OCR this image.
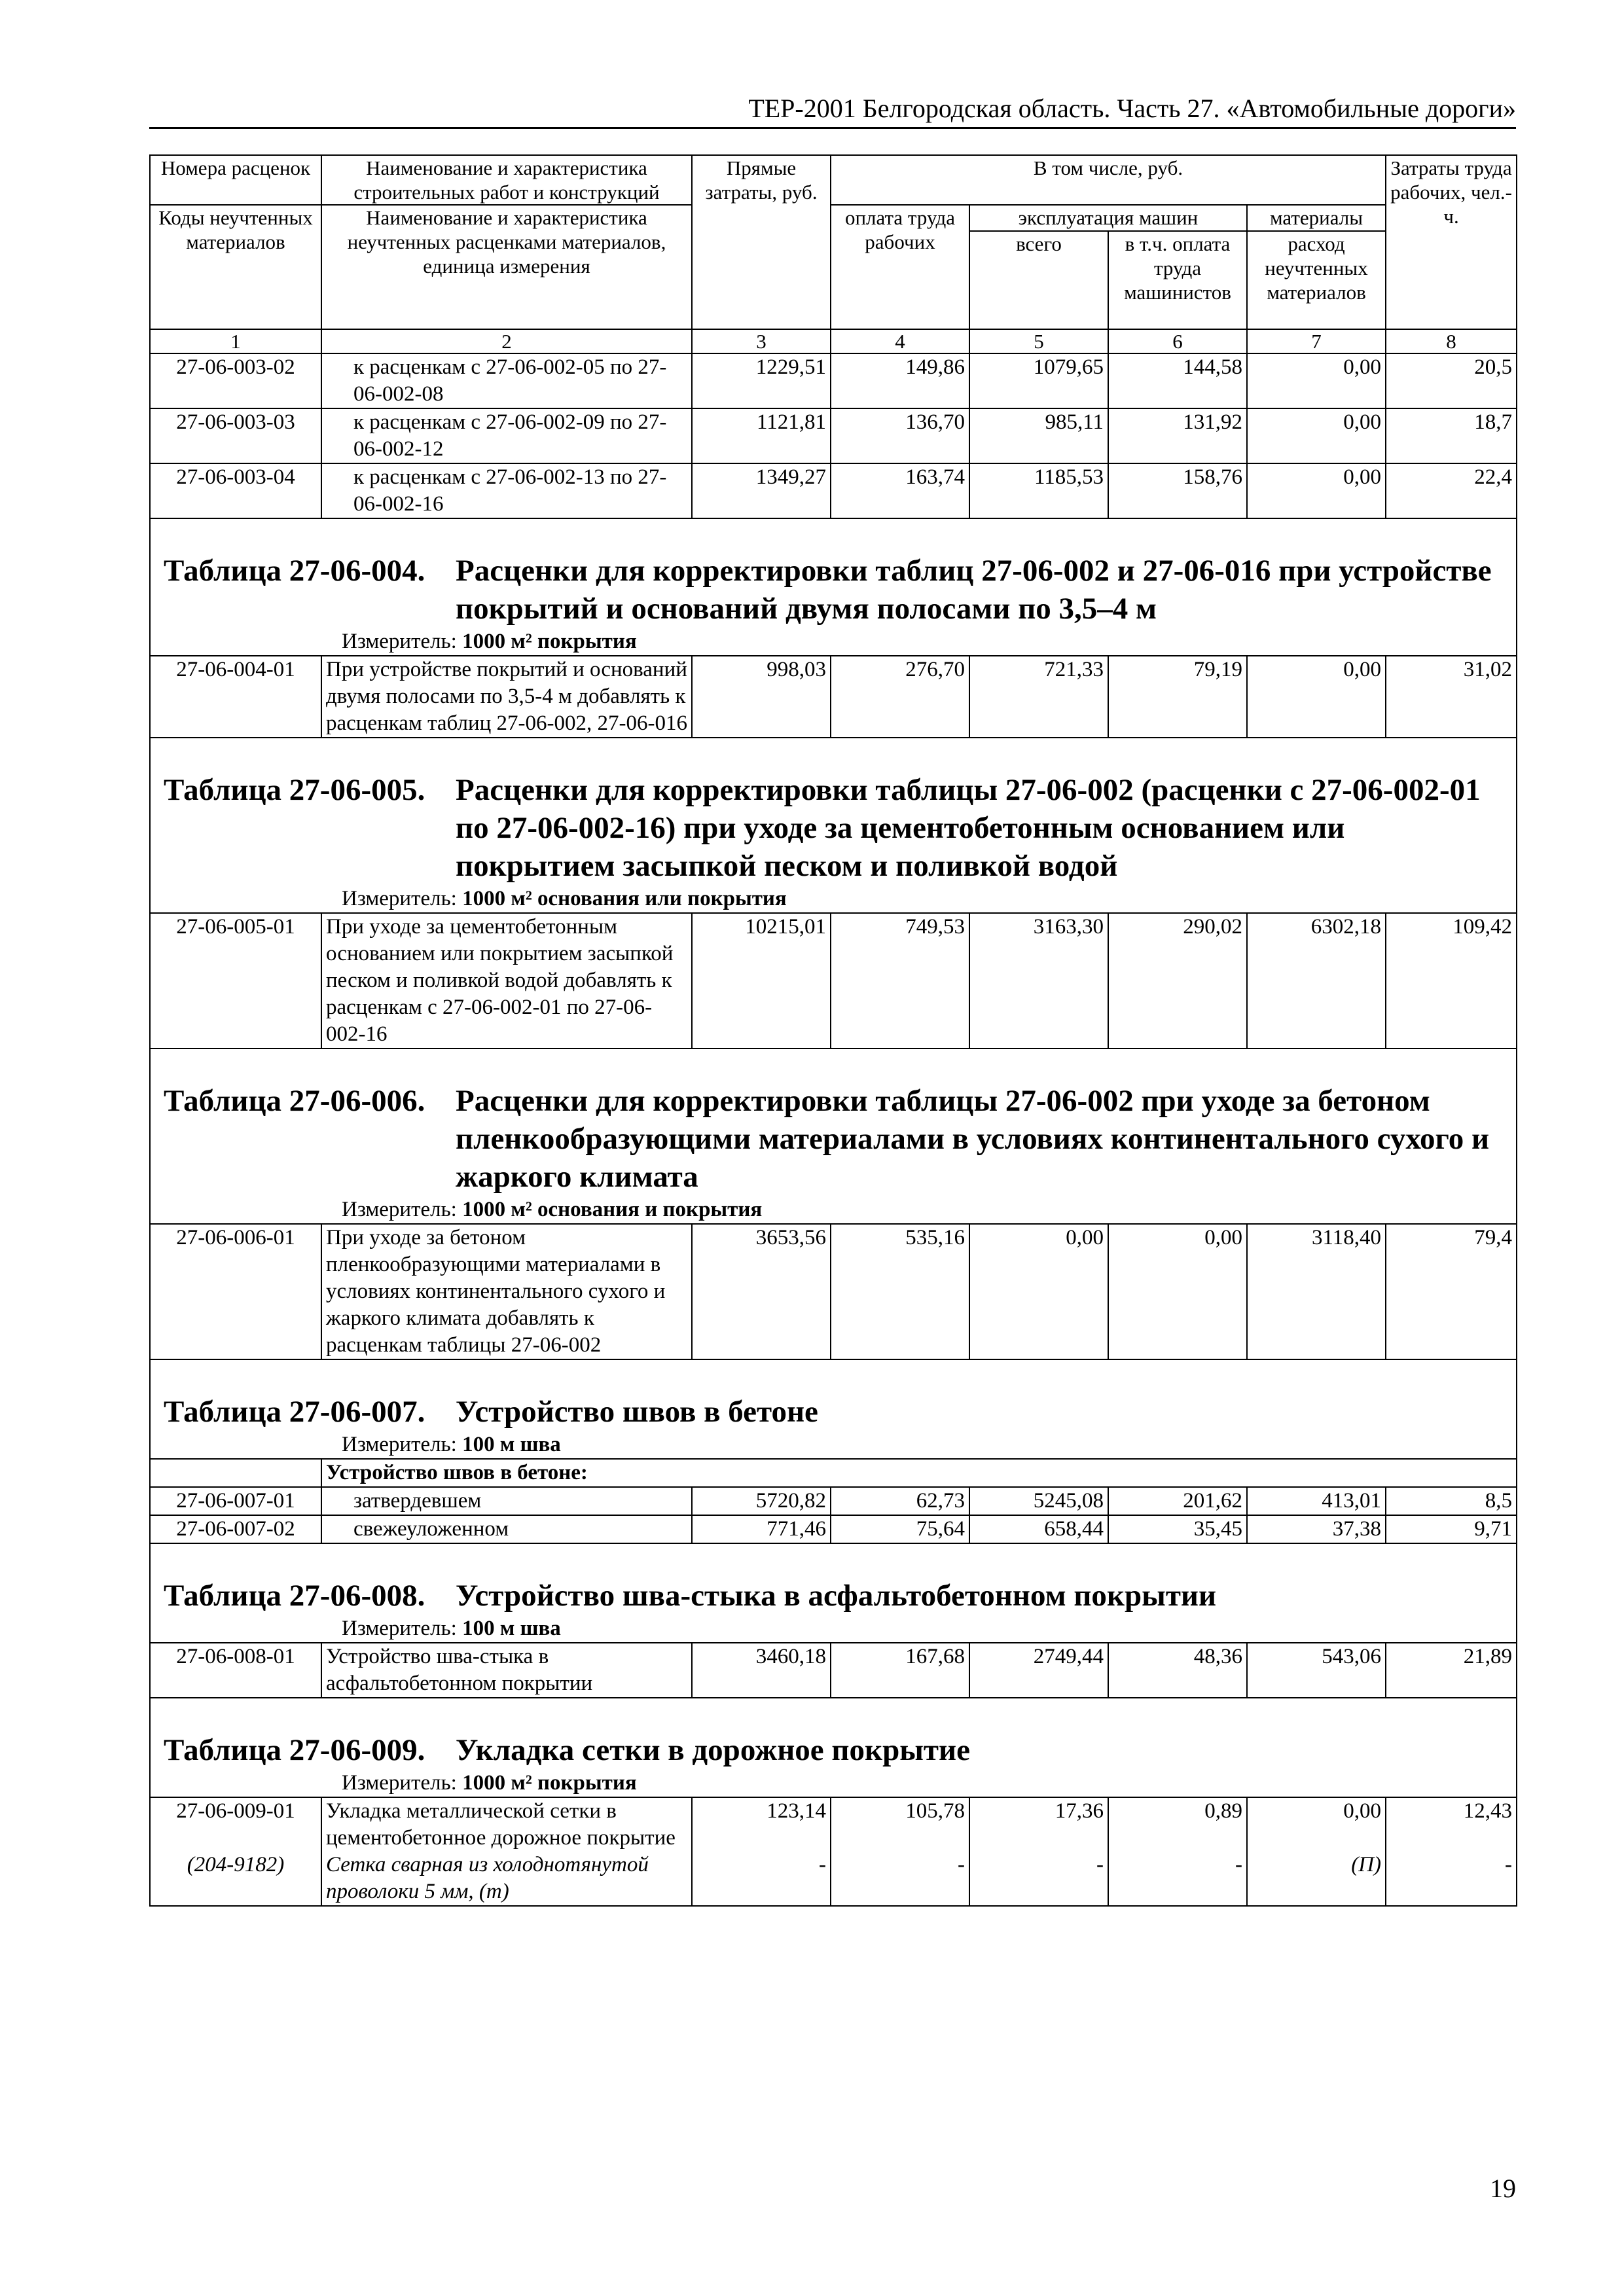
ТЕР-2001 Белгородская область. Часть 27. «Автомобильные дороги»
Номера расценок	Наименование и характеристика строительных работ и конструкций	Прямые затраты, руб.	В том числе, руб.				Затраты труда рабочих, чел.-ч.
Коды неучтенных материалов	Наименование и характеристика неучтенных расценками материалов, единица измерения		оплата труда рабочих	эксплуатация машин		материалы	
				всего	в т.ч. оплата труда машинистов	расход неучтенных материалов	
1	2	3	4	5	6	7	8
27-06-003-02	к расценкам с 27-06-002-05 по 27-06-002-08	1229,51	149,86	1079,65	144,58	0,00	20,5
27-06-003-03	к расценкам с 27-06-002-09 по 27-06-002-12	1121,81	136,70	985,11	131,92	0,00	18,7
27-06-003-04	к расценкам с 27-06-002-13 по 27-06-002-16	1349,27	163,74	1185,53	158,76	0,00	22,4

Таблица 27-06-004. Расценки для корректировки таблиц 27-06-002 и 27-06-016 при устройстве покрытий и оснований двумя полосами по 3,5–4 м							
Измеритель: 1000 м² покрытия							
27-06-004-01	При устройстве покрытий и оснований двумя полосами по 3,5-4 м добавлять к расценкам таблиц 27-06-002, 27-06-016	998,03	276,70	721,33	79,19	0,00	31,02

Таблица 27-06-005. Расценки для корректировки таблицы 27-06-002 (расценки с 27-06-002-01 по 27-06-002-16) при уходе за цементобетонным основанием или покрытием засыпкой песком и поливкой водой							
Измеритель: 1000 м² основания или покрытия							
27-06-005-01	При уходе за цементобетонным основанием или покрытием засыпкой песком и поливкой водой добавлять к расценкам с 27-06-002-01 по 27-06-002-16	10215,01	749,53	3163,30	290,02	6302,18	109,42

Таблица 27-06-006. Расценки для корректировки таблицы 27-06-002 при уходе за бетоном пленкообразующими материалами в условиях континентального сухого и жаркого климата							
Измеритель: 1000 м² основания и покрытия							
27-06-006-01	При уходе за бетоном пленкообразующими материалами в условиях континентального сухого и жаркого климата добавлять к расценкам таблицы 27-06-002	3653,56	535,16	0,00	0,00	3118,40	79,4

Таблица 27-06-007. Устройство швов в бетоне							
Измеритель: 100 м шва							
	Устройство швов в бетоне:						
27-06-007-01	затвердевшем	5720,82	62,73	5245,08	201,62	413,01	8,5
27-06-007-02	свежеуложенном	771,46	75,64	658,44	35,45	37,38	9,71

Таблица 27-06-008. Устройство шва-стыка в асфальтобетонном покрытии							
Измеритель: 100 м шва							
27-06-008-01	Устройство шва-стыка в асфальтобетонном покрытии	3460,18	167,68	2749,44	48,36	543,06	21,89

Таблица 27-06-009. Укладка сетки в дорожное покрытие							
Измеритель: 1000 м² покрытия							
27-06-009-01	Укладка металлической сетки в цементобетонное дорожное покрытие	123,14	105,78	17,36	0,89	0,00	12,43
(204-9182)	Сетка сварная из холоднотянутой проволоки 5 мм, (т)	-	-	-	-	(П)	-
19
